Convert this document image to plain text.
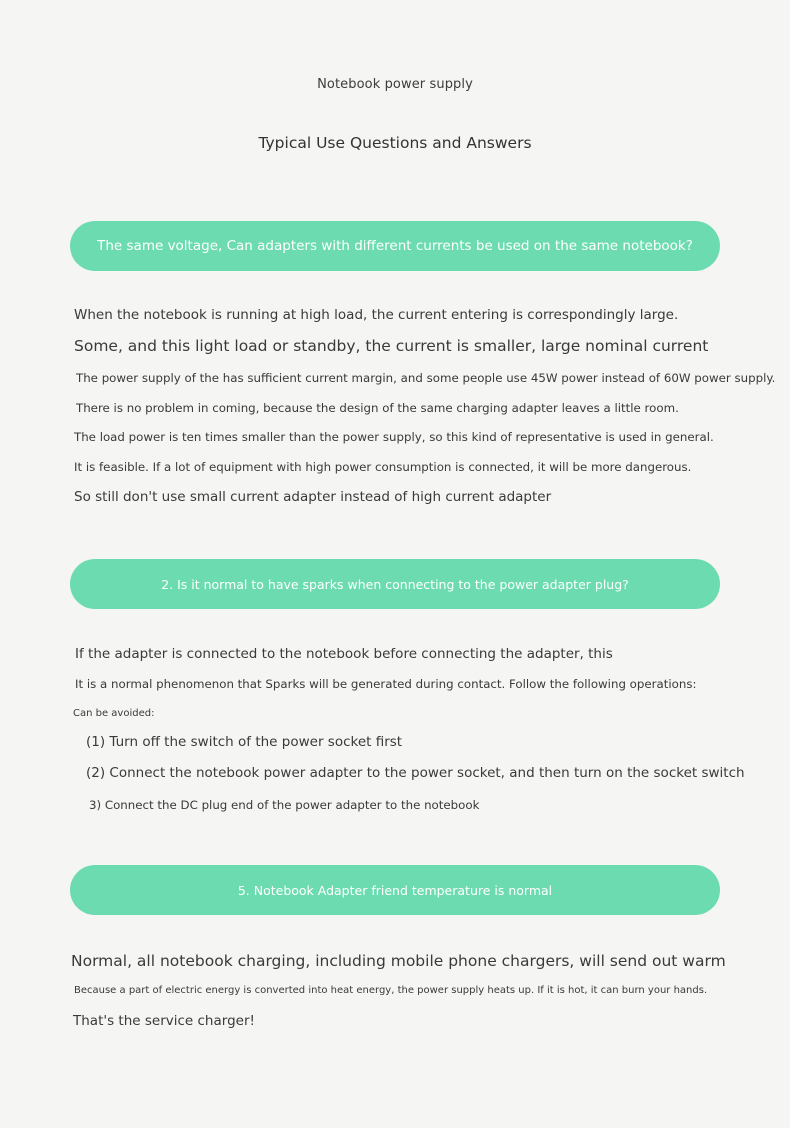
Notebook power supply
Typical Use Questions and Answers
The same voltage, Can adapters with different currents be used on the same notebook?
When the notebook is running at high load, the current entering is correspondingly large.
Some, and this light load or standby, the current is smaller, large nominal current
The power supply of the has sufficient current margin, and some people use 45W power instead of 60W power supply.
There is no problem in coming, because the design of the same charging adapter leaves a little room.
The load power is ten times smaller than the power supply, so this kind of representative is used in general.
It is feasible. If a lot of equipment with high power consumption is connected, it will be more dangerous.
So still don't use small current adapter instead of high current adapter
2. Is it normal to have sparks when connecting to the power adapter plug?
If the adapter is connected to the notebook before connecting the adapter, this
It is a normal phenomenon that Sparks will be generated during contact. Follow the following operations:
Can be avoided:
(1) Turn off the switch of the power socket first
(2) Connect the notebook power adapter to the power socket, and then turn on the socket switch
3) Connect the DC plug end of the power adapter to the notebook
5. Notebook Adapter friend temperature is normal
Normal, all notebook charging, including mobile phone chargers, will send out warm
Because a part of electric energy is converted into heat energy, the power supply heats up. If it is hot, it can burn your hands.
That's the service charger!
